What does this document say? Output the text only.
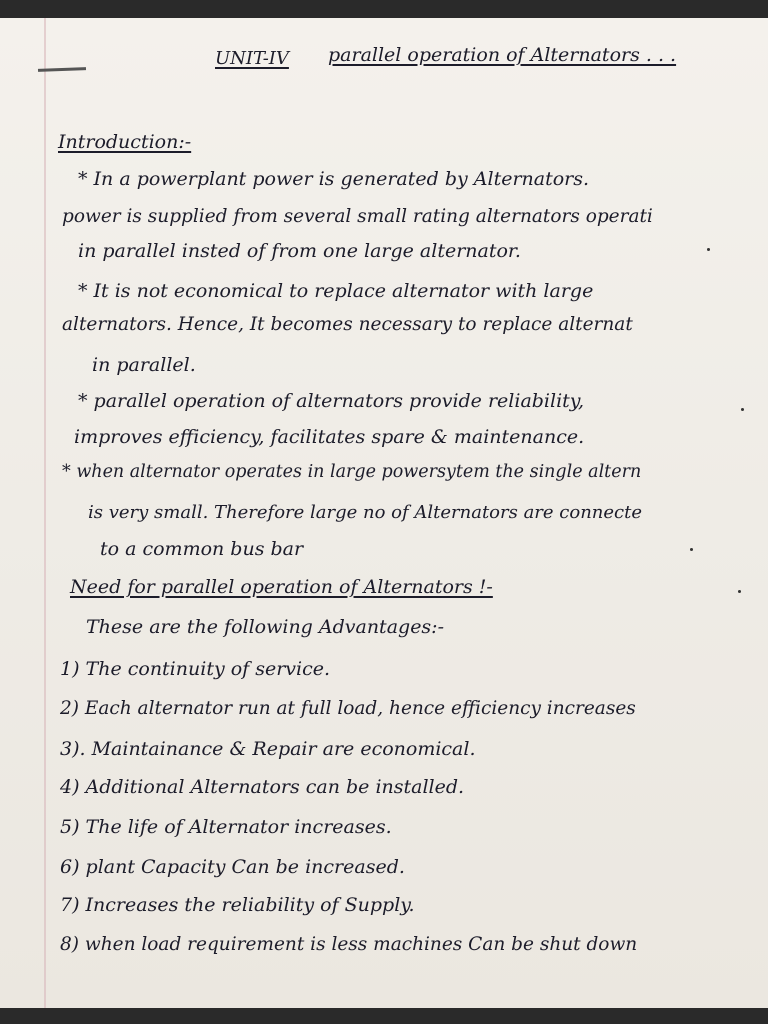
UNIT-IV parallel operation of Alternators . . .
Introduction:-
* In a powerplant power is generated by Alternators.
power is supplied from several small rating alternators operati
in parallel insted of from one large alternator.
* It is not economical to replace alternator with large
alternators. Hence, It becomes necessary to replace alternat
in parallel.
* parallel operation of alternators provide reliability,
improves efficiency, facilitates spare & maintenance.
* when alternator operates in large powersytem the single altern
is very small. Therefore large no of Alternators are connecte
to a common bus bar
Need for parallel operation of Alternators !-
These are the following Advantages:-
1) The continuity of service.
2) Each alternator run at full load, hence efficiency increases
3). Maintainance & Repair are economical.
4) Additional Alternators can be installed.
5) The life of Alternator increases.
6) plant Capacity Can be increased.
7) Increases the reliability of Supply.
8) when load requirement is less machines Can be shut down
